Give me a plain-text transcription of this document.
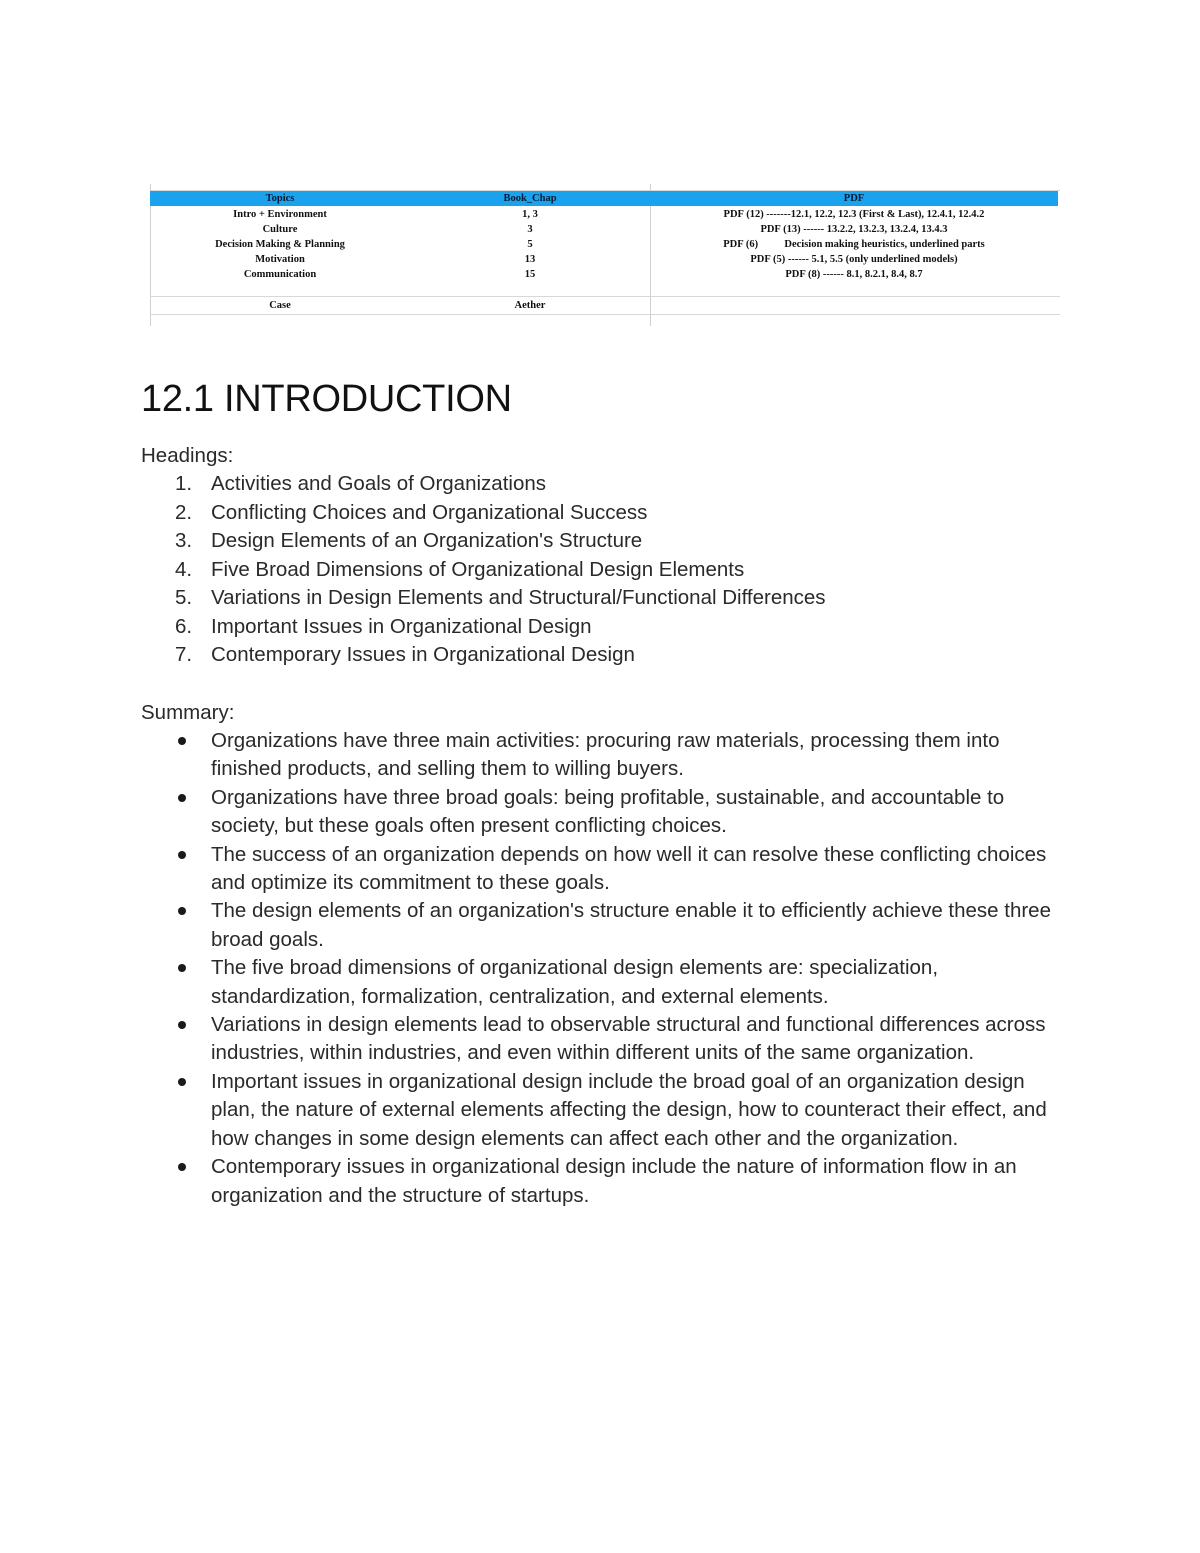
Topics	Book_Chap	PDF
Intro + Environment	1, 3	PDF (12) -------12.1, 12.2, 12.3 (First & Last), 12.4.1, 12.4.2
Culture	3	PDF (13) ------ 13.2.2, 13.2.3, 13.2.4, 13.4.3
Decision Making & Planning	5	PDF (6)          Decision making heuristics, underlined parts
Motivation	13	PDF (5) ------ 5.1, 5.5 (only underlined models)
Communication	15	PDF (8) ------ 8.1, 8.2.1, 8.4, 8.7
Case	Aether
12.1 INTRODUCTION
Headings:
1. Activities and Goals of Organizations
2. Conflicting Choices and Organizational Success
3. Design Elements of an Organization's Structure
4. Five Broad Dimensions of Organizational Design Elements
5. Variations in Design Elements and Structural/Functional Differences
6. Important Issues in Organizational Design
7. Contemporary Issues in Organizational Design
Summary:
Organizations have three main activities: procuring raw materials, processing them into finished products, and selling them to willing buyers.
Organizations have three broad goals: being profitable, sustainable, and accountable to society, but these goals often present conflicting choices.
The success of an organization depends on how well it can resolve these conflicting choices and optimize its commitment to these goals.
The design elements of an organization's structure enable it to efficiently achieve these three broad goals.
The five broad dimensions of organizational design elements are: specialization, standardization, formalization, centralization, and external elements.
Variations in design elements lead to observable structural and functional differences across industries, within industries, and even within different units of the same organization.
Important issues in organizational design include the broad goal of an organization design plan, the nature of external elements affecting the design, how to counteract their effect, and how changes in some design elements can affect each other and the organization.
Contemporary issues in organizational design include the nature of information flow in an organization and the structure of startups.
